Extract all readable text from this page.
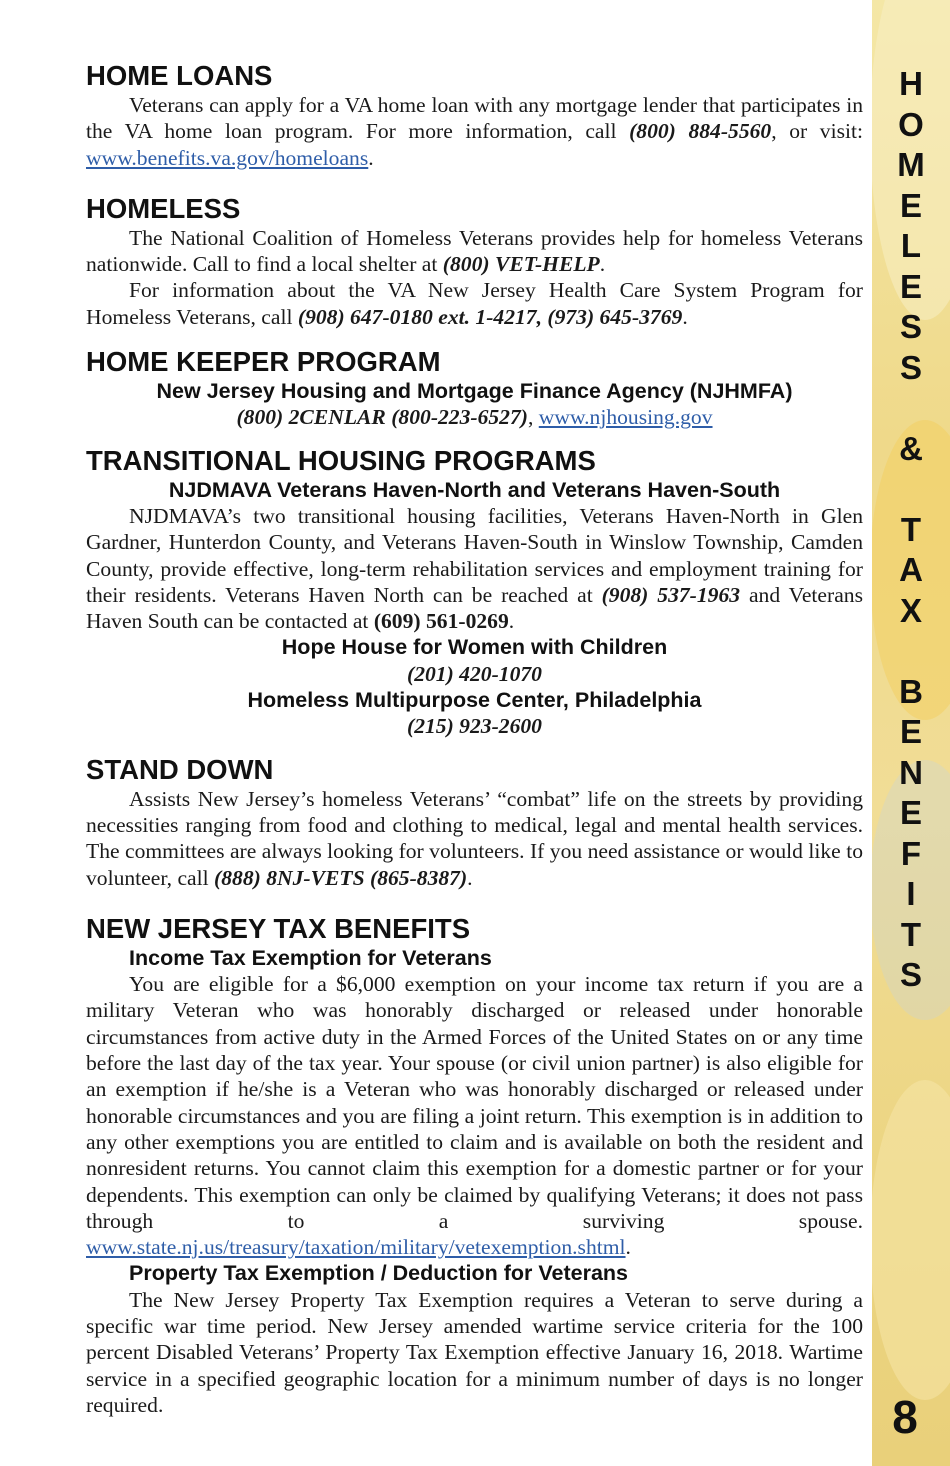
HOME LOANS

Veterans can apply for a VA home loan with any mortgage lender that participates in the VA home loan program. For more information, call (800) 884-5560, or visit: www.benefits.va.gov/homeloans.

HOMELESS

The National Coalition of Homeless Veterans provides help for homeless Veterans nationwide. Call to find a local shelter at (800) VET-HELP.

For information about the VA New Jersey Health Care System Program for Homeless Veterans, call (908) 647-0180 ext. 1-4217, (973) 645-3769.

HOME KEEPER PROGRAM
New Jersey Housing and Mortgage Finance Agency (NJHMFA)

(800) 2CENLAR (800-223-6527), www.njhousing.gov

TRANSITIONAL HOUSING PROGRAMS
NJDMAVA Veterans Haven-North and Veterans Haven-South

NJDMAVA’s two transitional housing facilities, Veterans Haven-North in Glen Gardner, Hunterdon County, and Veterans Haven-South in Winslow Township, Camden County, provide effective, long-term rehabilitation services and employment training for their residents. Veterans Haven North can be reached at (908) 537-1963 and Veterans Haven South can be contacted at (609) 561-0269.

Hope House for Women with Children

(201) 420-1070

Homeless Multipurpose Center, Philadelphia

(215) 923-2600

STAND DOWN

Assists New Jersey’s homeless Veterans’ “combat” life on the streets by providing necessities ranging from food and clothing to medical, legal and mental health services. The committees are always looking for volunteers. If you need assistance or would like to volunteer, call (888) 8NJ-VETS (865-8387).

NEW JERSEY TAX BENEFITS
Income Tax Exemption for Veterans

You are eligible for a $6,000 exemption on your income tax return if you are a military Veteran who was honorably discharged or released under honorable circumstances from active duty in the Armed Forces of the United States on or any time before the last day of the tax year. Your spouse (or civil union partner) is also eligible for an exemption if he/she is a Veteran who was honorably discharged or released under honorable circumstances and you are filing a joint return. This exemption is in addition to any other exemptions you are entitled to claim and is available on both the resident and nonresident returns. You cannot claim this exemption for a domestic partner or for your dependents. This exemption can only be claimed by qualifying Veterans; it does not pass through to a surviving spouse. www.state.nj.us/treasury/taxation/military/vetexemption.shtml.

Property Tax Exemption / Deduction for Veterans

The New Jersey Property Tax Exemption requires a Veteran to serve during a specific war time period. New Jersey amended wartime service criteria for the 100 percent Disabled Veterans’ Property Tax Exemption effective January 16, 2018. Wartime service in a specified geographic location for a minimum number of days is no longer required.

H
O
M
E
L
E
S
S
&
T
A
X
B
E
N
E
F
I
T
S
8
